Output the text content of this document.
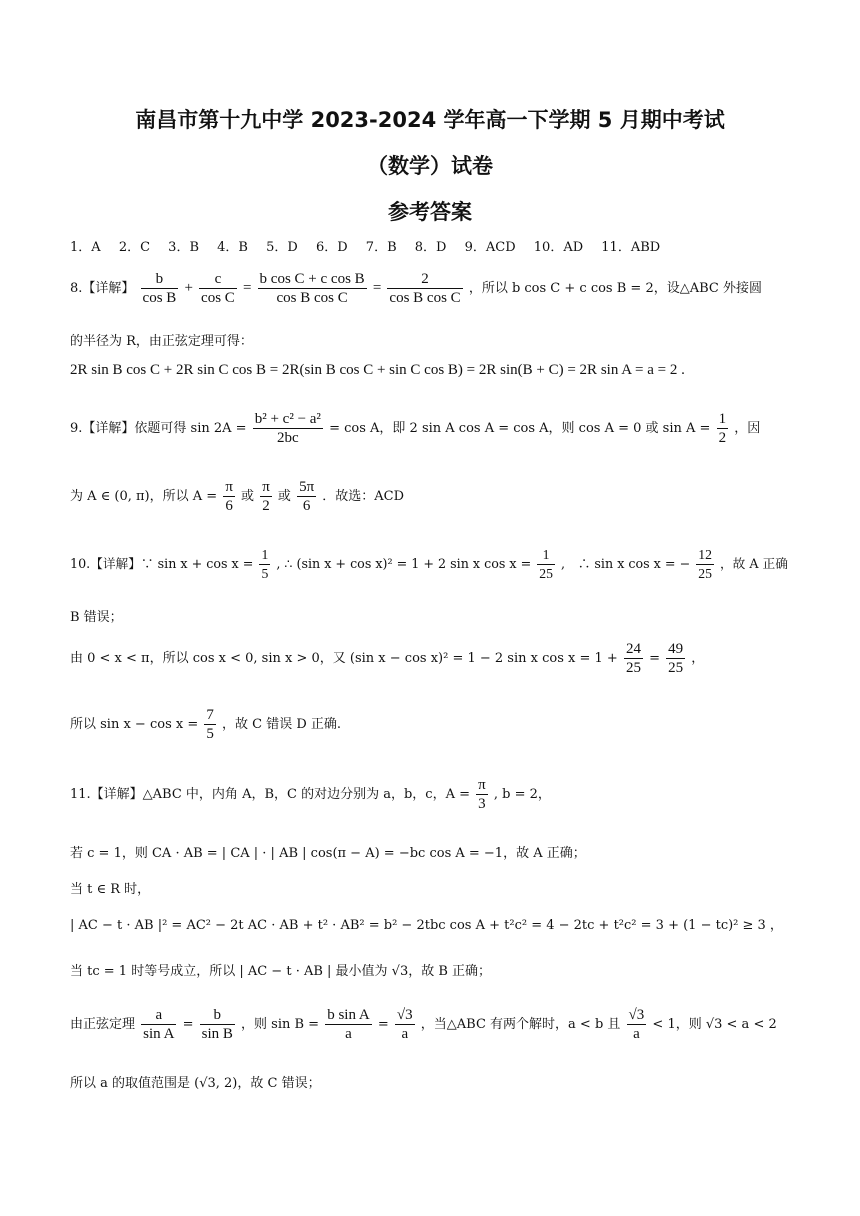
南昌市第十九中学 2023-2024 学年高一下学期 5 月期中考试
（数学）试卷
参考答案
1．A 2．C 3．B 4．B 5．D 6．D 7．B 8．D 9．ACD 10．AD 11．ABD
8.【详解】 $\frac{b}{\text{cos B}} + \frac{c}{\text{cos C}} = \frac{\text{b cos C + c cos B}}{\text{cos B cos C}} = \frac{2}{\text{cos B cos C}}$ ，所以 b cos C + c cos B = 2，设△ABC 外接圆
的半径为 R，由正弦定理可得：
2R sin B cos C + 2R sin C cos B = 2R(sin B cos C + sin C cos B) = 2R sin(B + C) = 2R sin A = a = 2 .
9.【详解】依题可得 $\sin 2A = \frac{\text{b² + c² − a²}}{2bc} = \cos A$，即 2 sin A cos A = cos A，则 cos A = 0 或 $\sin A = \frac{1}{2}$ ，因
为 A ∈ (0, π)，所以 $A = \frac{\pi}{6}$ 或 $\frac{\pi}{2}$ 或 $\frac{5\pi}{6}$ ．故选：ACD
10.【详解】∵ $\sin x + \cos x = \frac{1}{5}$ , ∴ (sin x + cos x)² = 1 + 2 sin x $\cos x = \frac{1}{25}$ ,　∴ sin x cos x = − $\frac{12}{25}$ ，故 A 正确
B 错误；
由 0 < x < π，所以 cos x < 0, sin x > 0，又 (sin x − cos x)² = 1 − 2 sin x $\cos x = 1 + \frac{24}{25} = \frac{49}{25}$ ，
所以 $\sin x - \cos x = \frac{7}{5}$ ，故 C 错误 D 正确.
11.【详解】△ABC 中，内角 A，B，C 的对边分别为 a，b，c，$A = \frac{\pi}{3}$ , b = 2，
若 c = 1，则 CA · AB = | CA | · | AB | cos(π − A) = −bc cos A = −1，故 A 正确；
当 t ∈ R 时，
| AC − t · AB |² = AC² − 2t AC · AB + t² · AB² = b² − 2tbc cos A + t²c² = 4 − 2tc + t²c² = 3 + (1 − tc)² ≥ 3 ，
当 tc = 1 时等号成立，所以 | AC − t · AB | 最小值为 √3，故 B 正确；
由正弦定理 $\frac{a}{\text{sin A}} = \frac{b}{\text{sin B}}$ ，则 $\sin B = \frac{\text{b sin A}}{a} = \frac{√3}{a}$ ，当△ABC 有两个解时，a < b 且 $\frac{√3}{a} < 1$，则 √3 < a < 2
所以 a 的取值范围是 (√3, 2)，故 C 错误；
